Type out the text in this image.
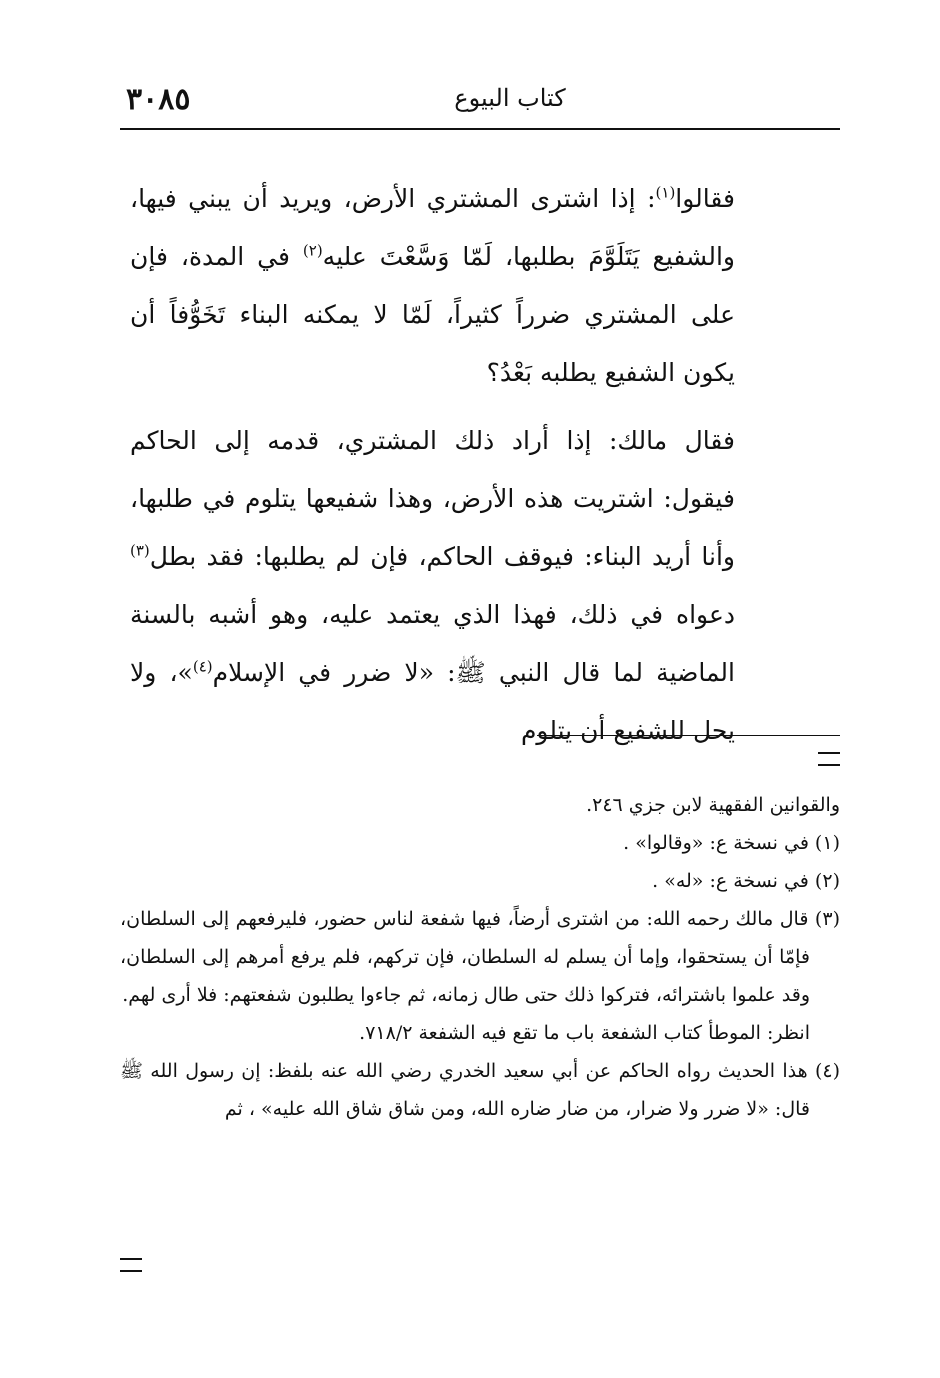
٣٠٨٥	كتاب البيوع

فقالوا$^{(١)}$: إذا اشترى المشتري الأرض، ويريد أن يبني فيها، والشفيع يَتَلَوَّمَ بطلبها، لَمّا وَسَّعْتَ عليه$^{(٢)}$ في المدة، فإن على المشتري ضرراً كثيراً، لَمّا لا يمكنه البناء تَخَوُّفاً أن يكون الشفيع يطلبه بَعْدُ؟

فقال مالك: إذا أراد ذلك المشتري، قدمه إلى الحاكم فيقول: اشتريت هذه الأرض، وهذا شفيعها يتلوم في طلبها، وأنا أريد البناء: فيوقف الحاكم، فإن لم يطلبها: فقد بطل$^{(٣)}$ دعواه في ذلك، فهذا الذي يعتمد عليه، وهو أشبه بالسنة الماضية لما قال النبي ﷺ: «لا ضرر في الإسلام$^{(٤)}$»، ولا يحل للشفيع أن يتلوم

والقوانين الفقهية لابن جزي ٢٤٦.

(١) في نسخة ع: «وقالوا» .

(٢) في نسخة ع: «له» .

(٣) قال مالك رحمه الله: من اشترى أرضاً، فيها شفعة لناس حضور، فليرفعهم إلى السلطان، فإمّا أن يستحقوا، وإما أن يسلم له السلطان، فإن تركهم، فلم يرفع أمرهم إلى السلطان، وقد علموا باشترائه، فتركوا ذلك حتى طال زمانه، ثم جاءوا يطلبون شفعتهم: فلا أرى لهم.

انظر: الموطأ كتاب الشفعة باب ما تقع فيه الشفعة ٧١٨/٢.

(٤) هذا الحديث رواه الحاكم عن أبي سعيد الخدري رضي الله عنه بلفظ: إن رسول الله ﷺ قال: «لا ضرر ولا ضرار، من ضار ضاره الله، ومن شاق شاق الله عليه» ، ثم
